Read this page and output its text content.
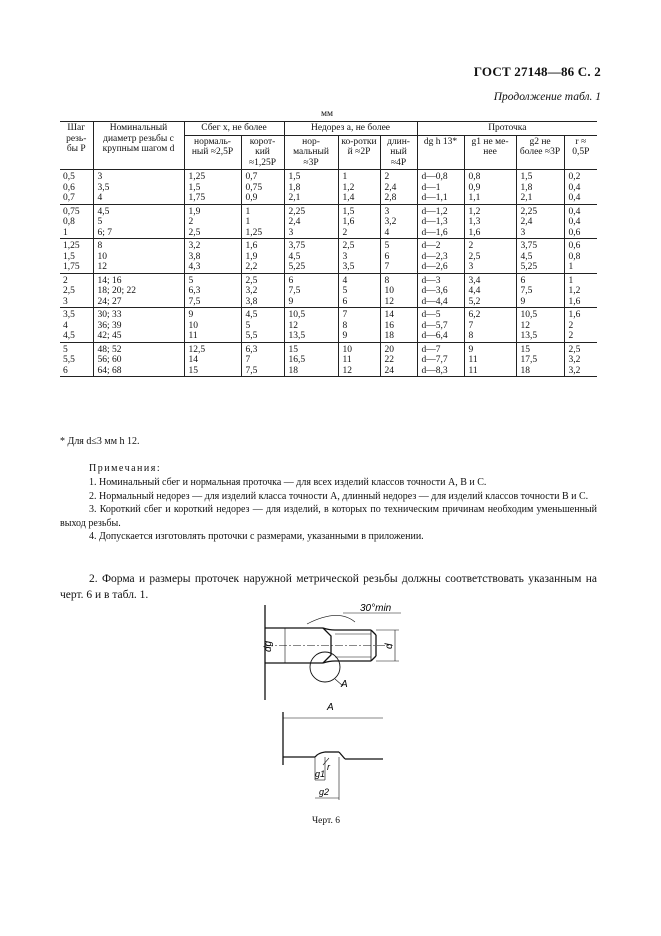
ГОСТ 27148—86 С. 2
Продолжение табл. 1
мм
Шаг резь-бы P	Номинальный диаметр резьбы с крупным шагом d	Сбег x, не более		Недорез a, не более			Проточка			
		нормаль-ный ≈2,5P	корот-кий ≈1,25P	нор-мальный ≈3P	ко-ротки й ≈2P	длин-ный ≈4P	dg h 13*	g1 не ме-нее	g2 не более ≈3P	r ≈ 0,5P
0,5	3	1,25	0,7	1,5	1	2	d—0,8	0,8	1,5	0,2
0,6	3,5	1,5	0,75	1,8	1,2	2,4	d—1	0,9	1,8	0,4
0,7	4	1,75	0,9	2,1	1,4	2,8	d—1,1	1,1	2,1	0,4
0,75	4,5	1,9	1	2,25	1,5	3	d—1,2	1,2	2,25	0,4
0,8	5	2	1	2,4	1,6	3,2	d—1,3	1,3	2,4	0,4
1	6; 7	2,5	1,25	3	2	4	d—1,6	1,6	3	0,6
1,25	8	3,2	1,6	3,75	2,5	5	d—2	2	3,75	0,6
1,5	10	3,8	1,9	4,5	3	6	d—2,3	2,5	4,5	0,8
1,75	12	4,3	2,2	5,25	3,5	7	d—2,6	3	5,25	1
2	14; 16	5	2,5	6	4	8	d—3	3,4	6	1
2,5	18; 20; 22	6,3	3,2	7,5	5	10	d—3,6	4,4	7,5	1,2
3	24; 27	7,5	3,8	9	6	12	d—4,4	5,2	9	1,6
3,5	30; 33	9	4,5	10,5	7	14	d—5	6,2	10,5	1,6
4	36; 39	10	5	12	8	16	d—5,7	7	12	2
4,5	42; 45	11	5,5	13,5	9	18	d—6,4	8	13,5	2
5	48; 52	12,5	6,3	15	10	20	d—7	9	15	2,5
5,5	56; 60	14	7	16,5	11	22	d—7,7	11	17,5	3,2
6	64; 68	15	7,5	18	12	24	d—8,3	11	18	3,2
* Для d≤3 мм h 12.
Примечания:

1. Номинальный сбег и нормальная проточка — для всех изделий классов точности А, В и С.

2. Нормальный недорез — для изделий класса точности А, длинный недорез — для изделий классов точности В и С.

3. Короткий сбег и короткий недорез — для изделий, в которых по техническим причинам необходим уменьшенный выход резьбы.

4. Допускается изготовлять проточки с размерами, указанными в приложении.

2. Форма и размеры проточек наружной метрической резьбы должны соответствовать указанным на черт. 6 и в табл. 1.
30°min
dg	d
A
A
r
g1
g2
Черт. 6
